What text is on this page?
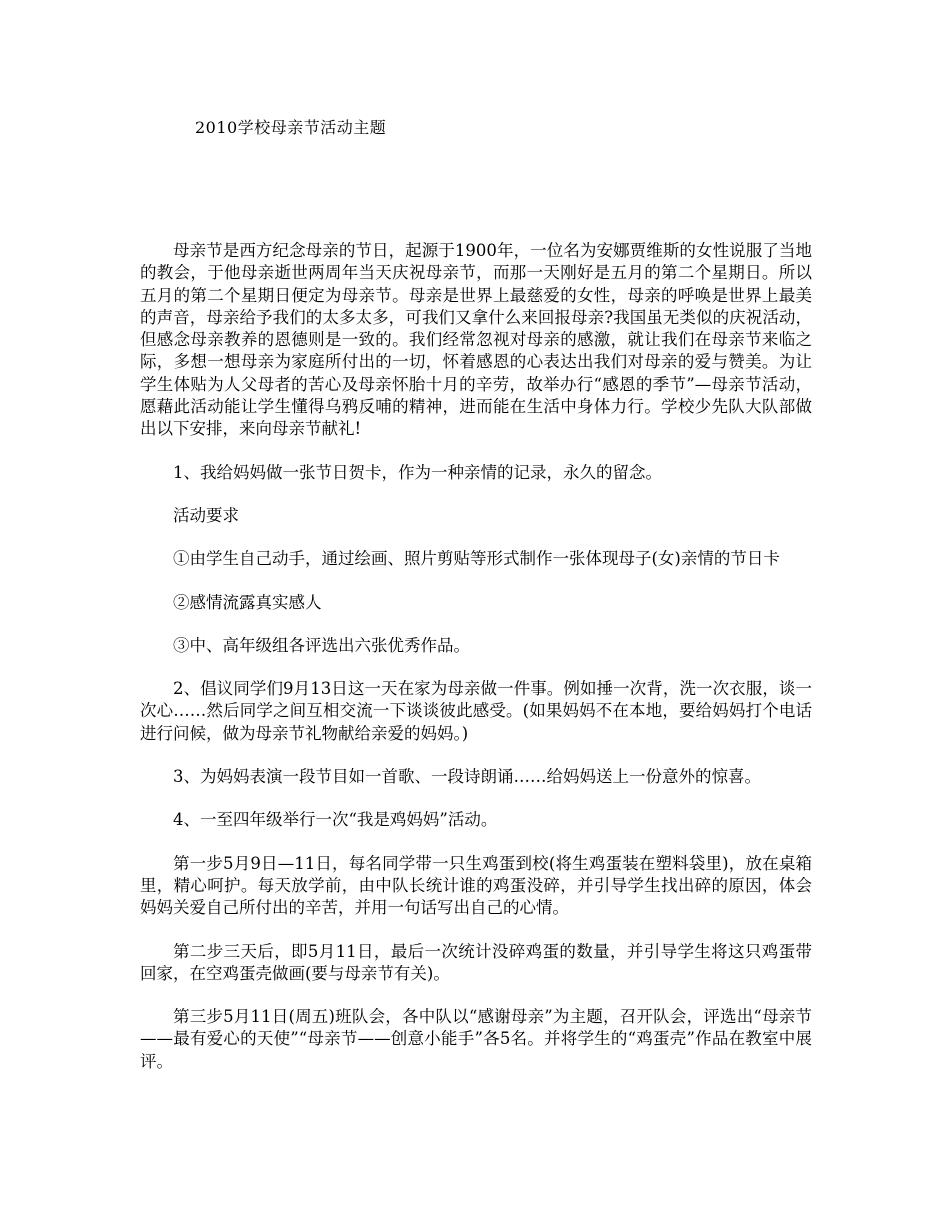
2010学校母亲节活动主题

母亲节是西方纪念母亲的节日，起源于1900年，一位名为安娜贾维斯的女性说服了当地的教会，于他母亲逝世两周年当天庆祝母亲节，而那一天刚好是五月的第二个星期日。所以五月的第二个星期日便定为母亲节。母亲是世界上最慈爱的女性，母亲的呼唤是世界上最美的声音，母亲给予我们的太多太多，可我们又拿什么来回报母亲?我国虽无类似的庆祝活动，但感念母亲教养的恩德则是一致的。我们经常忽视对母亲的感激，就让我们在母亲节来临之际，多想一想母亲为家庭所付出的一切，怀着感恩的心表达出我们对母亲的爱与赞美。为让学生体贴为人父母者的苦心及母亲怀胎十月的辛劳，故举办行“感恩的季节”—母亲节活动，愿藉此活动能让学生懂得乌鸦反哺的精神，进而能在生活中身体力行。学校少先队大队部做出以下安排，来向母亲节献礼!

1、我给妈妈做一张节日贺卡，作为一种亲情的记录，永久的留念。

活动要求

①由学生自己动手，通过绘画、照片剪贴等形式制作一张体现母子(女)亲情的节日卡

②感情流露真实感人

③中、高年级组各评选出六张优秀作品。

2、倡议同学们9月13日这一天在家为母亲做一件事。例如捶一次背，洗一次衣服，谈一次心……然后同学之间互相交流一下谈谈彼此感受。(如果妈妈不在本地，要给妈妈打个电话进行问候，做为母亲节礼物献给亲爱的妈妈。)

3、为妈妈表演一段节目如一首歌、一段诗朗诵……给妈妈送上一份意外的惊喜。

4、一至四年级举行一次“我是鸡妈妈”活动。

第一步5月9日—11日，每名同学带一只生鸡蛋到校(将生鸡蛋装在塑料袋里)，放在桌箱里，精心呵护。每天放学前，由中队长统计谁的鸡蛋没碎，并引导学生找出碎的原因，体会妈妈关爱自己所付出的辛苦，并用一句话写出自己的心情。

第二步三天后，即5月11日，最后一次统计没碎鸡蛋的数量，并引导学生将这只鸡蛋带回家，在空鸡蛋壳做画(要与母亲节有关)。

第三步5月11日(周五)班队会，各中队以“感谢母亲”为主题，召开队会，评选出“母亲节——最有爱心的天使”“母亲节——创意小能手”各5名。并将学生的“鸡蛋壳”作品在教室中展评。
